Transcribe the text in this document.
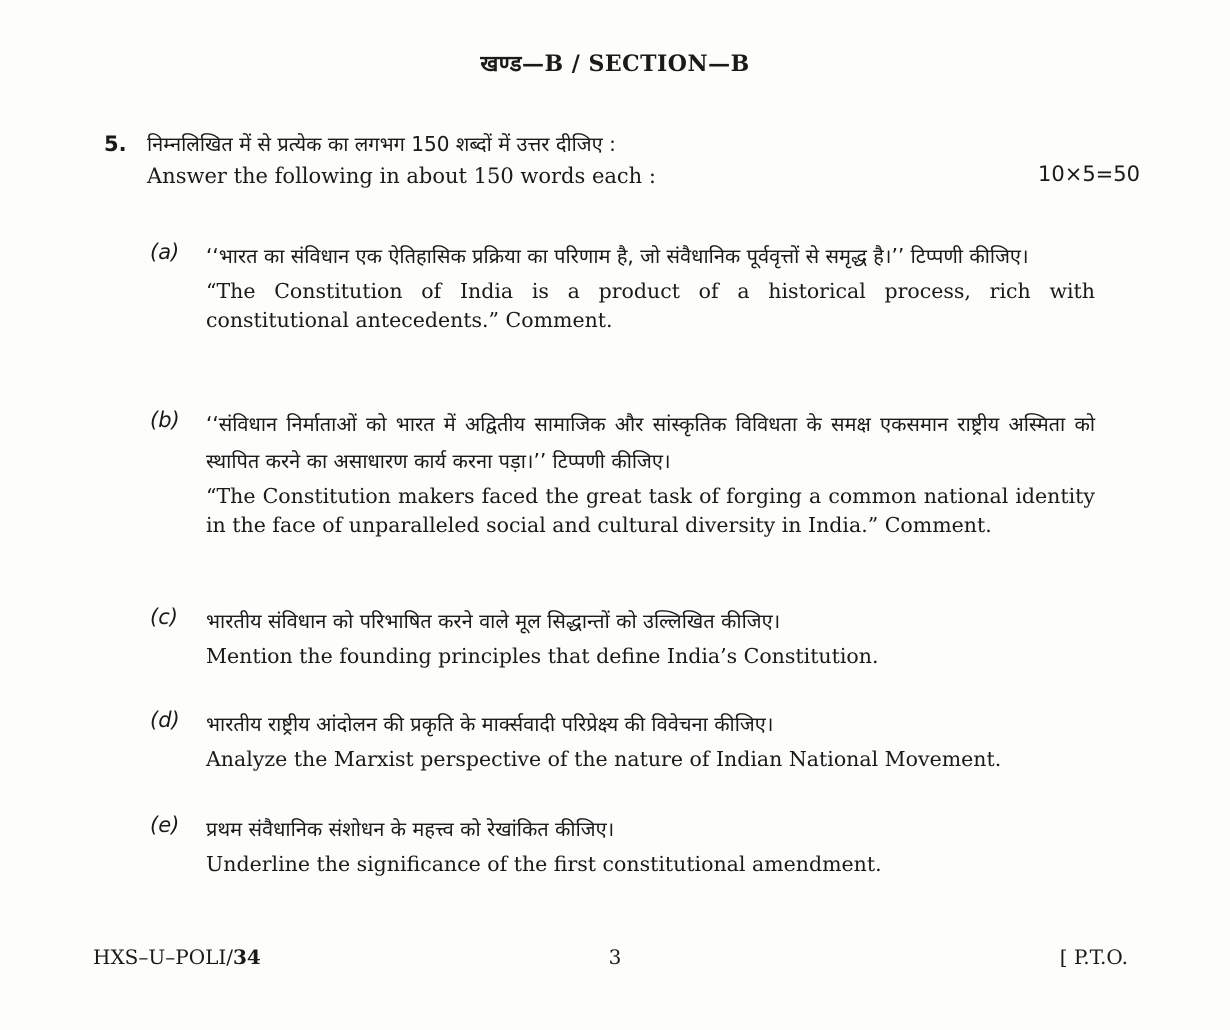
खण्ड—B / SECTION—B
5. निम्नलिखित में से प्रत्येक का लगभग 150 शब्दों में उत्तर दीजिए :
Answer the following in about 150 words each :	10×5=50
(a) ‘‘भारत का संविधान एक ऐतिहासिक प्रक्रिया का परिणाम है, जो संवैधानिक पूर्ववृत्तों से समृद्ध है।’’ टिप्पणी कीजिए।

“The Constitution of India is a product of a historical process, rich with constitutional antecedents.” Comment.

(b) ‘‘संविधान निर्माताओं को भारत में अद्वितीय सामाजिक और सांस्कृतिक विविधता के समक्ष एकसमान राष्ट्रीय अस्मिता को स्थापित करने का असाधारण कार्य करना पड़ा।’’ टिप्पणी कीजिए।

“The Constitution makers faced the great task of forging a common national identity in the face of unparalleled social and cultural diversity in India.” Comment.

(c) भारतीय संविधान को परिभाषित करने वाले मूल सिद्धान्तों को उल्लिखित कीजिए।

Mention the founding principles that define India’s Constitution.

(d) भारतीय राष्ट्रीय आंदोलन की प्रकृति के मार्क्सवादी परिप्रेक्ष्य की विवेचना कीजिए।

Analyze the Marxist perspective of the nature of Indian National Movement.

(e) प्रथम संवैधानिक संशोधन के महत्त्व को रेखांकित कीजिए।

Underline the significance of the first constitutional amendment.

HXS–U–POLI/34	3	[ P.T.O.
